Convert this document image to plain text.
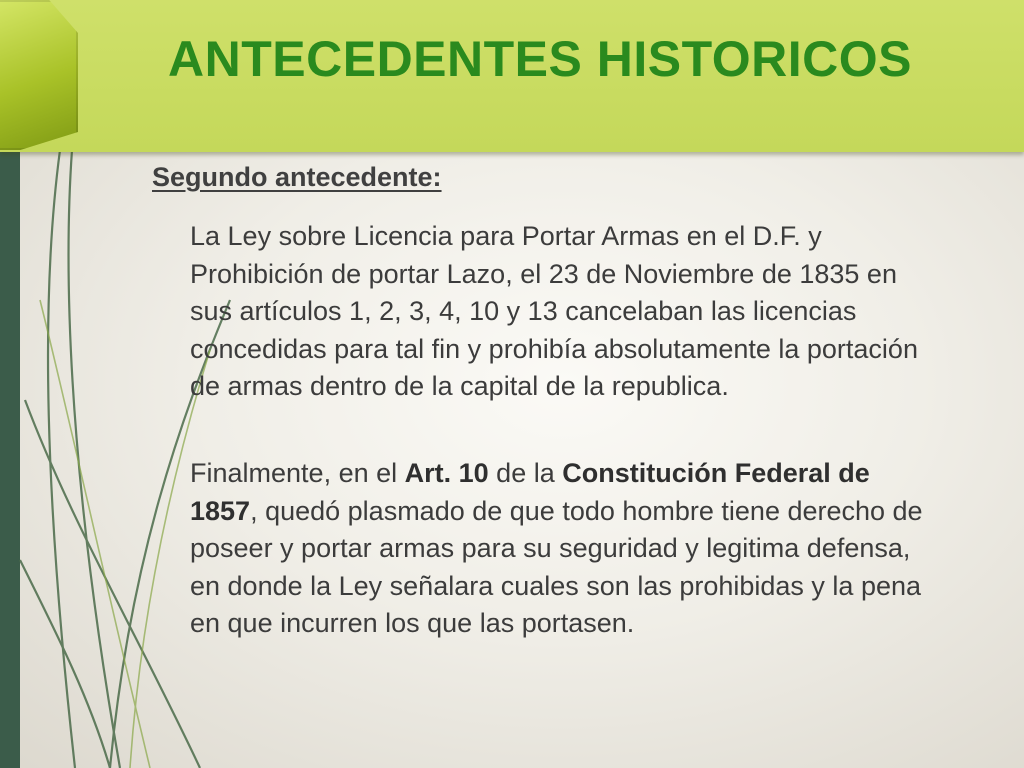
ANTECEDENTES HISTORICOS
Segundo antecedente:
La Ley sobre Licencia para Portar Armas en el D.F. y Prohibición de portar Lazo, el 23 de Noviembre de 1835 en sus artículos 1, 2, 3, 4, 10 y 13 cancelaban las licencias concedidas para tal fin y prohibía absolutamente la portación de armas dentro de la capital de la republica.
Finalmente, en el Art. 10 de la Constitución Federal de 1857, quedó plasmado de que todo hombre tiene derecho de poseer y portar armas para su seguridad y legitima defensa, en donde la Ley señalara cuales son las prohibidas y la pena en que incurren los que las portasen.
